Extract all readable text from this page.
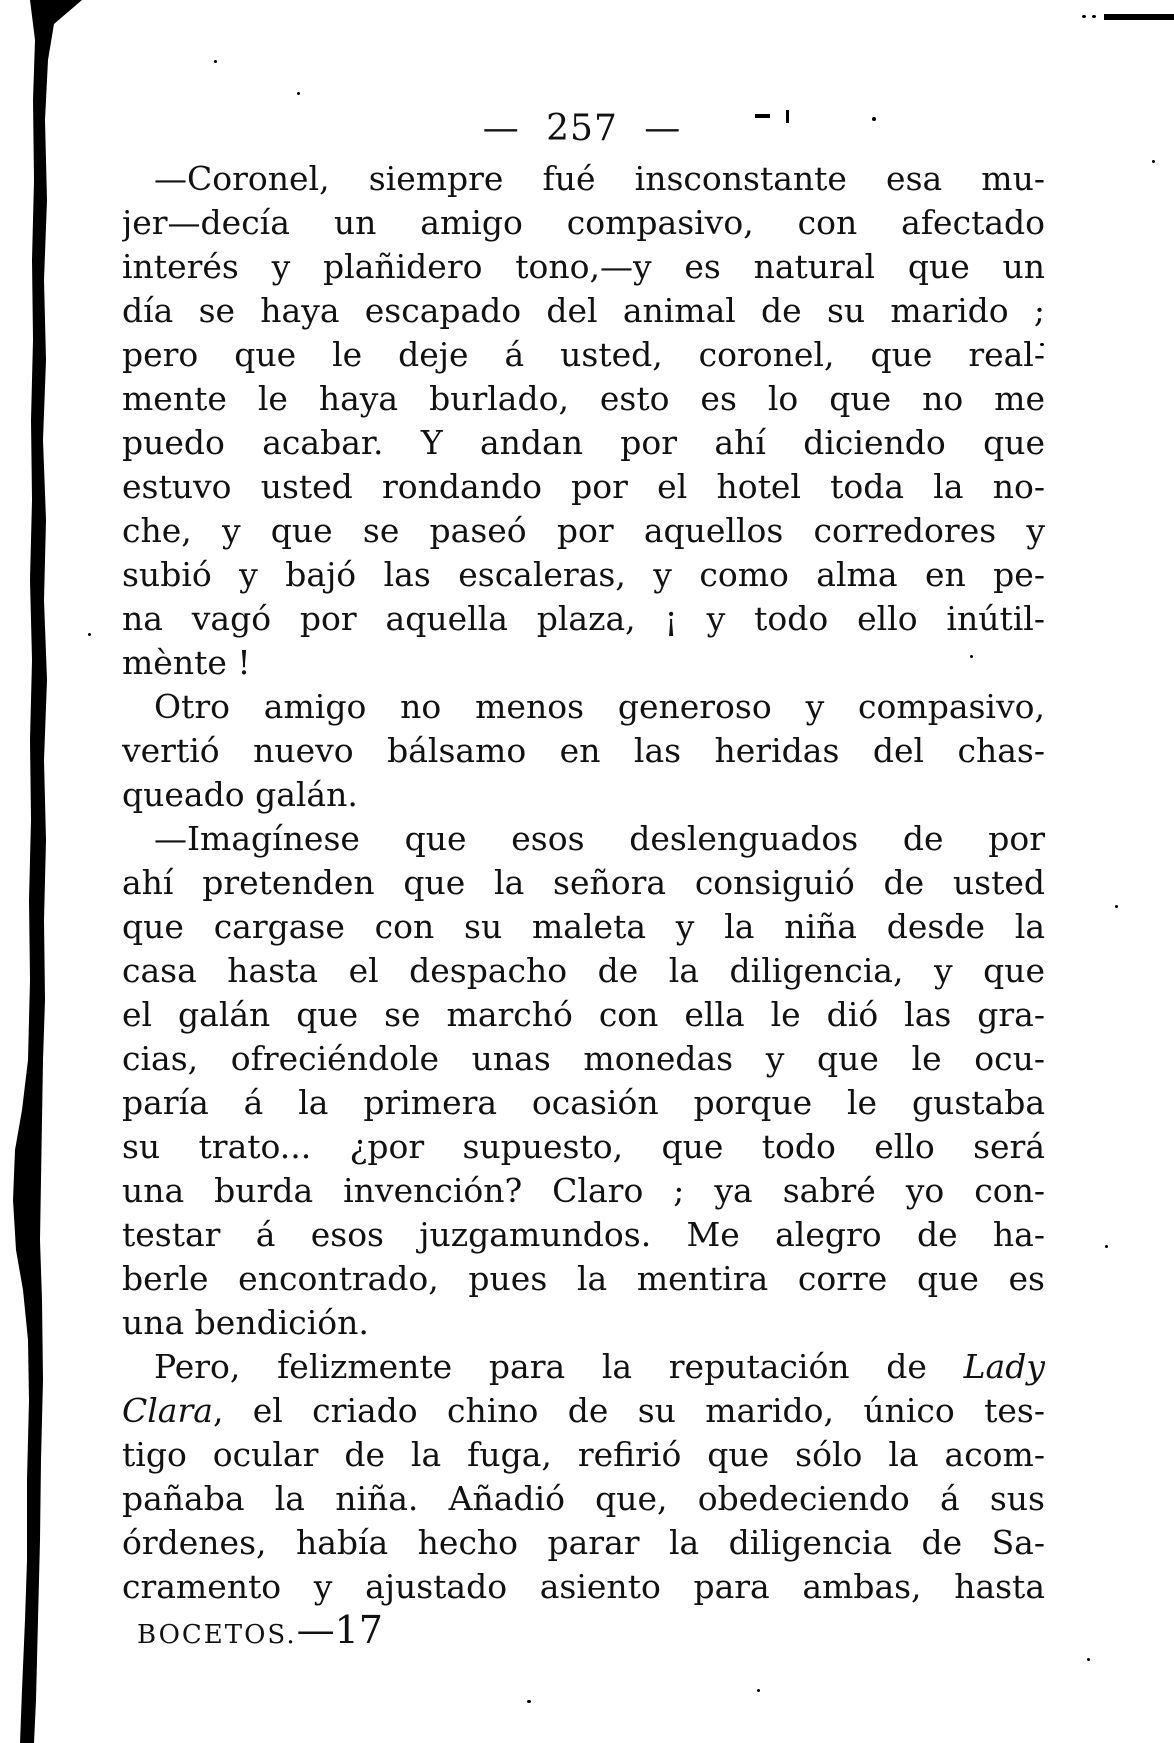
— 257 —
—Coronel, siempre fué insconstante esa mu-
jer—decía un amigo compasivo, con afectado
interés y plañidero tono,—y es natural que un
día se haya escapado del animal de su marido ;
pero que le deje á usted, coronel, que real-
mente le haya burlado, esto es lo que no me
puedo acabar. Y andan por ahí diciendo que
estuvo usted rondando por el hotel toda la no-
che, y que se paseó por aquellos corredores y
subió y bajó las escaleras, y como alma en pe-
na vagó por aquella plaza, ¡ y todo ello inútil-
mènte !
Otro amigo no menos generoso y compasivo,
vertió nuevo bálsamo en las heridas del chas-
queado galán.
—Imagínese que esos deslenguados de por
ahí pretenden que la señora consiguió de usted
que cargase con su maleta y la niña desde la
casa hasta el despacho de la diligencia, y que
el galán que se marchó con ella le dió las gra-
cias, ofreciéndole unas monedas y que le ocu-
paría á la primera ocasión porque le gustaba
su trato... ¿por supuesto, que todo ello será
una burda invención? Claro ; ya sabré yo con-
testar á esos juzgamundos. Me alegro de ha-
berle encontrado, pues la mentira corre que es
una bendición.
Pero, felizmente para la reputación de Lady
Clara, el criado chino de su marido, único tes-
tigo ocular de la fuga, refirió que sólo la acom-
pañaba la niña. Añadió que, obedeciendo á sus
órdenes, había hecho parar la diligencia de Sa-
cramento y ajustado asiento para ambas, hasta
BOCETOS.—17
